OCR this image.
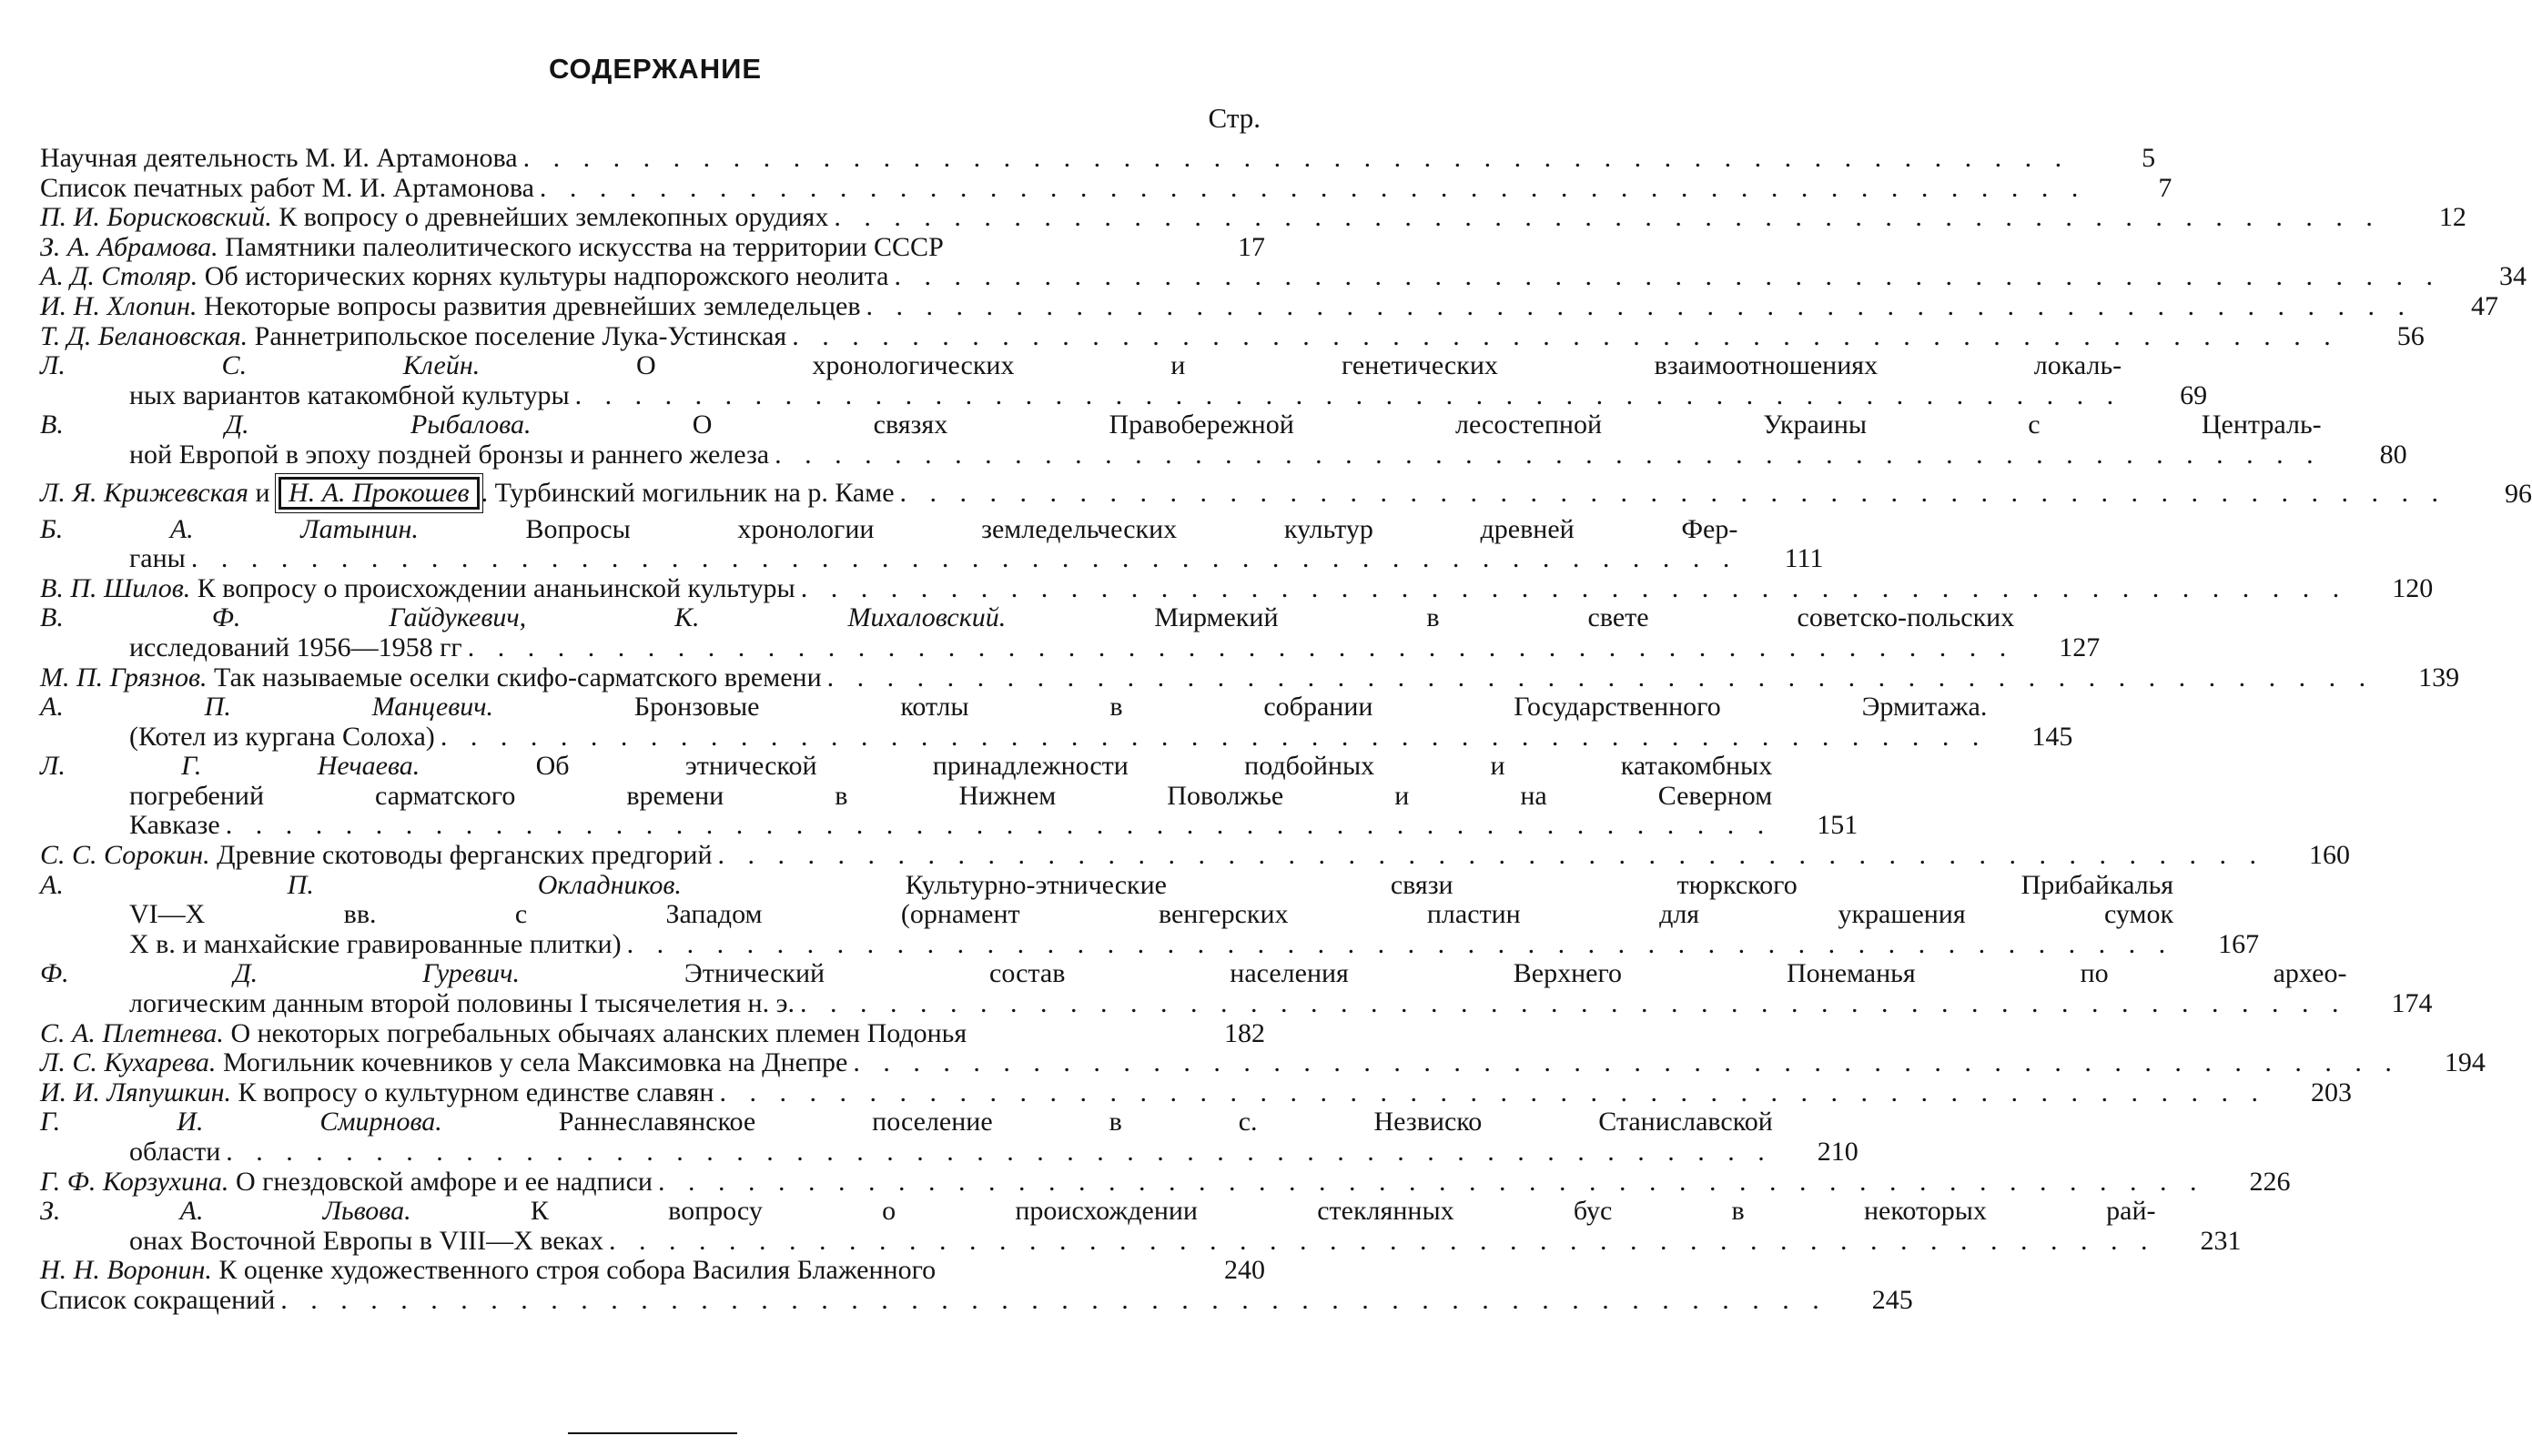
СОДЕРЖАНИЕ
Стр.
Научная деятельность М. И. Артамонова . . . . . . . . . . . . . . . . . . . . . . . . . . . . . . . . . . . . . . . . . . . . . . . . . . . .	5
Список печатных работ М. И. Артамонова . . . . . . . . . . . . . . . . . . . . . . . . . . . . . . . . . . . . . . . . . . . . . . . . . . . .	7
П. И. Борисковский.
К вопросу о древнейших землекопных орудиях . . . . . . . . . . . . . . . . . . . . . . . . . . . . . . . . . . . . . . . . . . . . . . . . . . . .	12
З. А. Абрамова.
Памятники палеолитического искусства на территории СССР	17
А. Д. Столяр.
Об исторических корнях культуры надпорожского неолита . . . . . . . . . . . . . . . . . . . . . . . . . . . . . . . . . . . . . . . . . . . . . . . . . . . .	34
И. Н. Хлопин.
Некоторые вопросы развития древнейших земледельцев . . . . . . . . . . . . . . . . . . . . . . . . . . . . . . . . . . . . . . . . . . . . . . . . . . . .	47
Т. Д. Белановская.
Раннетрипольское поселение Лука-Устинская . . . . . . . . . . . . . . . . . . . . . . . . . . . . . . . . . . . . . . . . . . . . . . . . . . . .	56
Л. С. Клейн.	О хронологических и генетических взаимоотношениях локаль-
ных вариантов катакомбной культуры . . . . . . . . . . . . . . . . . . . . . . . . . . . . . . . . . . . . . . . . . . . . . . . . . . . .	69
В. Д. Рыбалова.	О связях Правобережной лесостепной Украины с Централь-
ной Европой в эпоху поздней бронзы и раннего железа . . . . . . . . . . . . . . . . . . . . . . . . . . . . . . . . . . . . . . . . . . . . . . . . . . . .	80
Л. Я. Крижевская
и
Н. А. Прокошев . Турбинский могильник на р. Каме . . . . . . . . . . . . . . . . . . . . . . . . . . . . . . . . . . . . . . . . . . . . . . . . . . . .	96
Б. А. Латынин.	Вопросы хронологии земледельческих культур древней Фер-
ганы . . . . . . . . . . . . . . . . . . . . . . . . . . . . . . . . . . . . . . . . . . . . . . . . . . . .	111
В. П. Шилов.
К вопросу о происхождении ананьинской культуры . . . . . . . . . . . . . . . . . . . . . . . . . . . . . . . . . . . . . . . . . . . . . . . . . . . .	120
В. Ф. Гайдукевич, К. Михаловский.	Мирмекий в свете советско-польских
исследований 1956—1958 гг . . . . . . . . . . . . . . . . . . . . . . . . . . . . . . . . . . . . . . . . . . . . . . . . . . . .	127
М. П. Грязнов.
Так называемые оселки скифо-сарматского времени . . . . . . . . . . . . . . . . . . . . . . . . . . . . . . . . . . . . . . . . . . . . . . . . . . . .	139
А. П. Манцевич.	Бронзовые котлы в собрании Государственного Эрмитажа.
(Котел из кургана Солоха) . . . . . . . . . . . . . . . . . . . . . . . . . . . . . . . . . . . . . . . . . . . . . . . . . . . .	145
Л. Г. Нечаева.	Об этнической принадлежности подбойных и катакомбных
погребений сарматского времени в Нижнем Поволжье и на Северном
Кавказе . . . . . . . . . . . . . . . . . . . . . . . . . . . . . . . . . . . . . . . . . . . . . . . . . . . .	151
С. С. Сорокин.
Древние скотоводы ферганских предгорий . . . . . . . . . . . . . . . . . . . . . . . . . . . . . . . . . . . . . . . . . . . . . . . . . . . .	160
А. П. Окладников.	Культурно-этнические связи тюркского Прибайкалья
VI—X вв. с Западом (орнамент венгерских пластин для украшения сумок
X в. и манхайские гравированные плитки) . . . . . . . . . . . . . . . . . . . . . . . . . . . . . . . . . . . . . . . . . . . . . . . . . . . .	167
Ф. Д. Гуревич.	Этнический состав населения Верхнего Понеманья по архео-
логическим данным второй половины I тысячелетия н. э. . . . . . . . . . . . . . . . . . . . . . . . . . . . . . . . . . . . . . . . . . . . . . . . . . . . .	174
С. А. Плетнева.
О некоторых погребальных обычаях аланских племен Подонья	182
Л. С. Кухарева.
Могильник кочевников у села Максимовка на Днепре . . . . . . . . . . . . . . . . . . . . . . . . . . . . . . . . . . . . . . . . . . . . . . . . . . . .	194
И. И. Ляпушкин.
К вопросу о культурном единстве славян . . . . . . . . . . . . . . . . . . . . . . . . . . . . . . . . . . . . . . . . . . . . . . . . . . . .	203
Г. И. Смирнова.	Раннеславянское поселение в с. Незвиско Станиславской
области . . . . . . . . . . . . . . . . . . . . . . . . . . . . . . . . . . . . . . . . . . . . . . . . . . . .	210
Г. Ф. Корзухина.
О гнездовской амфоре и ее надписи . . . . . . . . . . . . . . . . . . . . . . . . . . . . . . . . . . . . . . . . . . . . . . . . . . . .	226
З. А. Львова.	К вопросу о происхождении стеклянных бус в некоторых рай-
онах Восточной Европы в VIII—X веках . . . . . . . . . . . . . . . . . . . . . . . . . . . . . . . . . . . . . . . . . . . . . . . . . . . .	231
Н. Н. Воронин.
К оценке художественного строя собора Василия Блаженного	240
Список сокращений . . . . . . . . . . . . . . . . . . . . . . . . . . . . . . . . . . . . . . . . . . . . . . . . . . . .	245
